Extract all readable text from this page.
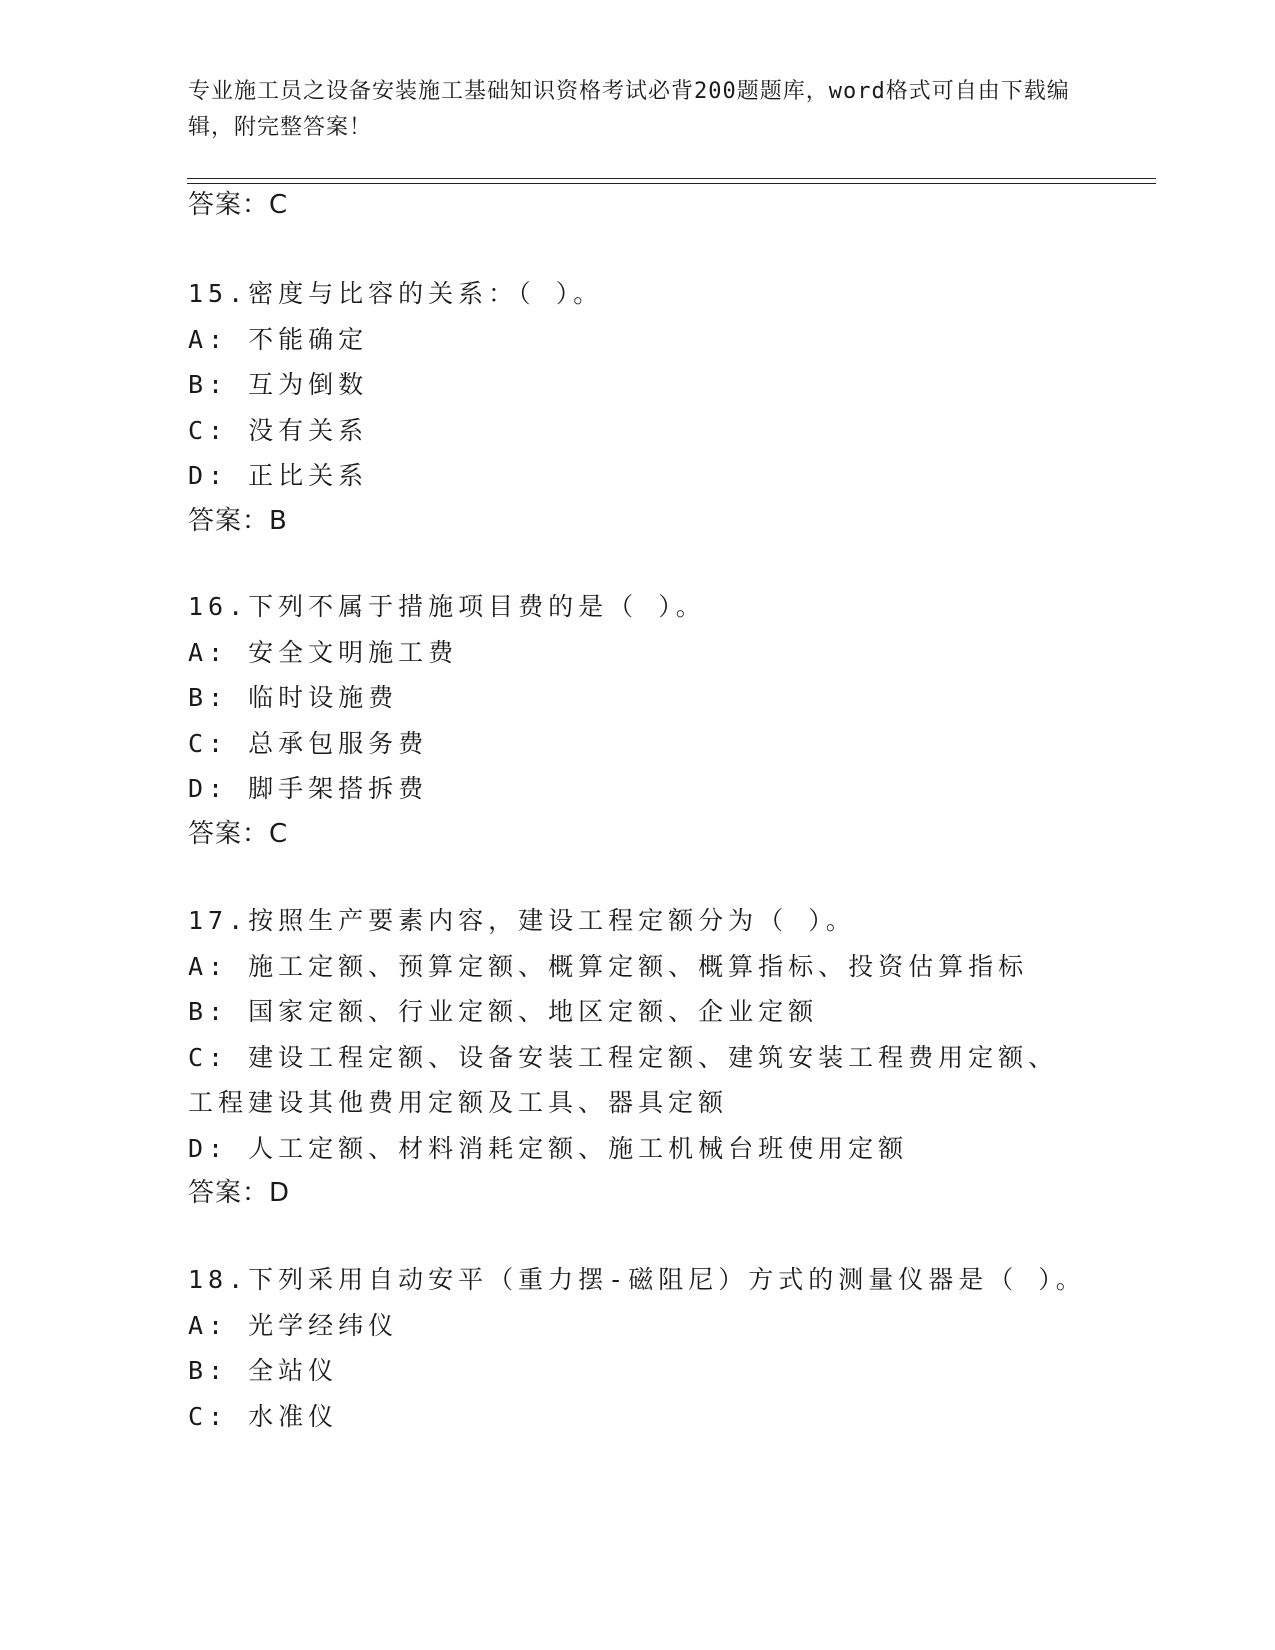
专业施工员之设备安装施工基础知识资格考试必背200题题库，word格式可自由下载编辑，附完整答案！
答案：C
15.密度与比容的关系：（ ）。
A: 不能确定
B: 互为倒数
C: 没有关系
D: 正比关系
答案：B
16.下列不属于措施项目费的是（ ）。
A: 安全文明施工费
B: 临时设施费
C: 总承包服务费
D: 脚手架搭拆费
答案：C
17.按照生产要素内容，建设工程定额分为（ ）。
A: 施工定额、预算定额、概算定额、概算指标、投资估算指标
B: 国家定额、行业定额、地区定额、企业定额
C: 建设工程定额、设备安装工程定额、建筑安装工程费用定额、工程建设其他费用定额及工具、器具定额
D: 人工定额、材料消耗定额、施工机械台班使用定额
答案：D
18.下列采用自动安平（重力摆-磁阻尼）方式的测量仪器是（ ）。
A: 光学经纬仪
B: 全站仪
C: 水准仪
